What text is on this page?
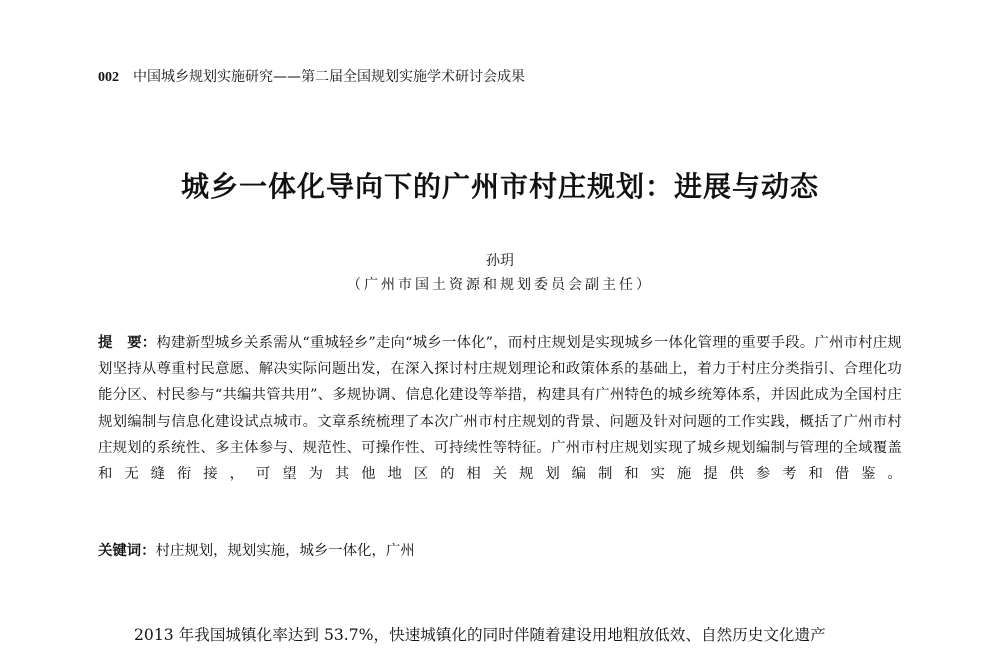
002 中国城乡规划实施研究——第二届全国规划实施学术研讨会成果
城乡一体化导向下的广州市村庄规划：进展与动态
孙玥
（广州市国土资源和规划委员会副主任）
提　要：构建新型城乡关系需从“重城轻乡”走向“城乡一体化”，而村庄规划是实现城乡一体化管理的重要手段。广州市村庄规划坚持从尊重村民意愿、解决实际问题出发，在深入探讨村庄规划理论和政策体系的基础上，着力于村庄分类指引、合理化功能分区、村民参与“共编共管共用”、多规协调、信息化建设等举措，构建具有广州特色的城乡统筹体系，并因此成为全国村庄规划编制与信息化建设试点城市。文章系统梳理了本次广州市村庄规划的背景、问题及针对问题的工作实践，概括了广州市村庄规划的系统性、多主体参与、规范性、可操作性、可持续性等特征。广州市村庄规划实现了城乡规划编制与管理的全域覆盖和无缝衔接，可望为其他地区的相关规划编制和实施提供参考和借鉴。
关键词：村庄规划，规划实施，城乡一体化，广州
2013 年我国城镇化率达到 53.7%，快速城镇化的同时伴随着建设用地粗放低效、自然历史文化遗产
